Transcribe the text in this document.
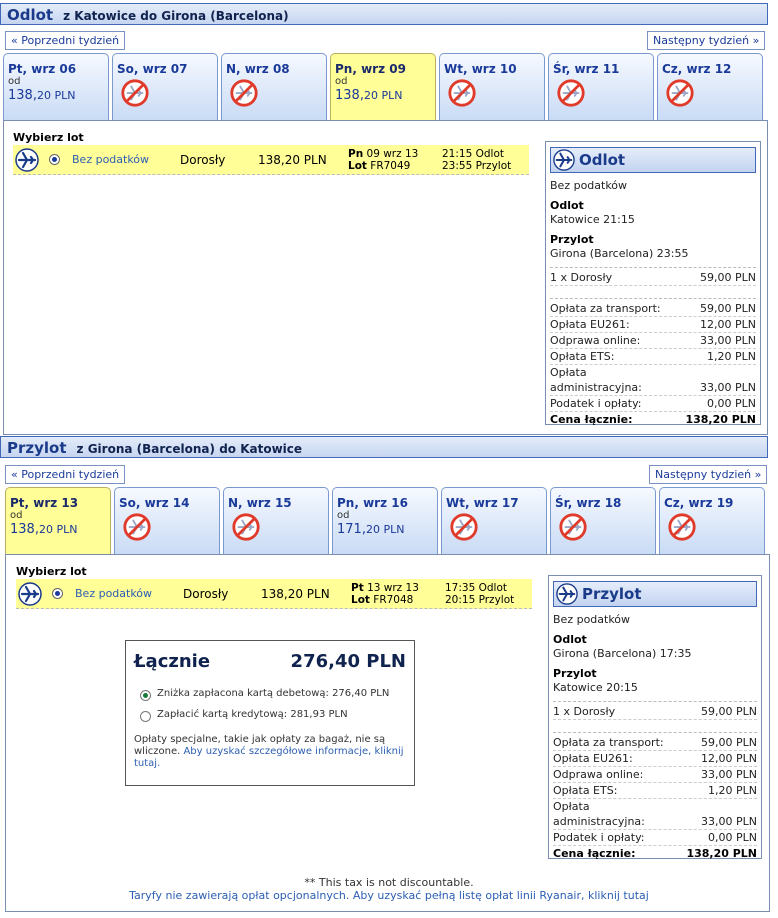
Odlot z Katowice do Girona (Barcelona)
« Poprzedni tydzień	Następny tydzień »
Pt, wrz 06
od
138,20 PLN
So, wrz 07	N, wrz 08	Pn, wrz 09
od
138,20 PLN
Wt, wrz 10	Śr, wrz 11	Cz, wrz 12
Wybierz lot
Bez podatków	Dorosły	138,20 PLN	Pn 09 wrz 13
Lot FR7049
21:15 Odlot
23:55 Przylot	Odlot
Bez podatków
Odlot
Katowice 21:15
Przylot
Girona (Barcelona) 23:55
1 x Dorosły	59,00 PLN
Opłata za transport:	59,00 PLN
Opłata EU261:	12,00 PLN
Odprawa online:	33,00 PLN
Opłata ETS:	1,20 PLN
Opłata administracyjna:	33,00 PLN
Podatek i opłaty:	0,00 PLN
Cena łącznie:	138,20 PLN
Przylot z Girona (Barcelona) do Katowice
« Poprzedni tydzień	Następny tydzień »
Pt, wrz 13
od
138,20 PLN
So, wrz 14	N, wrz 15	Pn, wrz 16
od
171,20 PLN
Wt, wrz 17	Śr, wrz 18	Cz, wrz 19
Wybierz lot
Bez podatków	Dorosły	138,20 PLN	Pt 13 wrz 13
Lot FR7048
17:35 Odlot
20:15 Przylot
Łącznie	276,40 PLN
Zniżka zapłacona kartą debetową: 276,40 PLN
Zapłacić kartą kredytową: 281,93 PLN
Opłaty specjalne, takie jak opłaty za bagaż, nie są wliczone. Aby uzyskać szczegółowe informacje, kliknij tutaj.
Przylot
Bez podatków
Odlot
Girona (Barcelona) 17:35
Przylot
Katowice 20:15
1 x Dorosły	59,00 PLN
Opłata za transport:	59,00 PLN
Opłata EU261:	12,00 PLN
Odprawa online:	33,00 PLN
Opłata ETS:	1,20 PLN
Opłata administracyjna:	33,00 PLN
Podatek i opłaty:	0,00 PLN
Cena łącznie:	138,20 PLN
** This tax is not discountable.
Taryfy nie zawierają opłat opcjonalnych. Aby uzyskać pełną listę opłat linii Ryanair, kliknij tutaj
